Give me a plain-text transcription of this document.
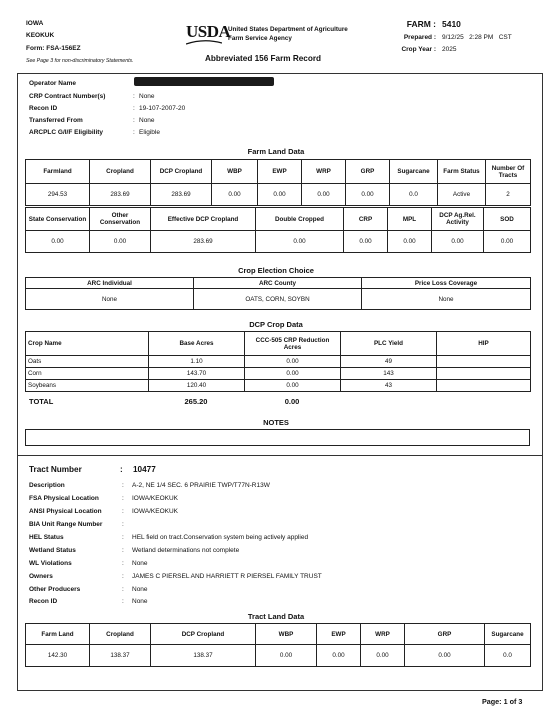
IOWA
KEOKUK
Form: FSA-156EZ
See Page 3 for non-discriminatory Statements.
USDA
United States Department of Agriculture
Farm Service Agency
Abbreviated 156 Farm Record
FARM : 5410
Prepared : 9/12/25   2:28 PM   CST
Crop Year : 2025
Operator Name
CRP Contract Number(s)	: None
Recon ID	: 19-107-2007-20
Transferred From	: None
ARCPLC G/I/F Eligibility	: Eligible
Farm Land Data
Farmland	Cropland	DCP Cropland	WBP	EWP	WRP	GRP	Sugarcane	Farm Status	Number Of Tracts
294.53	283.69	283.69	0.00	0.00	0.00	0.00	0.0	Active	2
State Conservation	Other Conservation	Effective DCP Cropland	Double Cropped	CRP	MPL	DCP Ag.Rel. Activity	SOD
0.00	0.00	283.69	0.00	0.00	0.00	0.00	0.00
Crop Election Choice
ARC Individual	ARC County	Price Loss Coverage
None	OATS, CORN, SOYBN	None
DCP Crop Data
Crop Name	Base Acres	CCC-505 CRP Reduction Acres	PLC Yield	HIP
Oats	1.10	0.00	49	
Corn	143.70	0.00	143	
Soybeans	120.40	0.00	43	
TOTAL	265.20	0.00
NOTES
Tract Number	: 10477
Description	: A-2, NE 1/4 SEC. 6 PRAIRIE TWP/T77N-R13W
FSA Physical Location	: IOWA/KEOKUK
ANSI Physical Location	: IOWA/KEOKUK
BIA Unit Range Number	:
HEL Status	: HEL field on tract.Conservation system being actively applied
Wetland Status	: Wetland determinations not complete
WL Violations	: None
Owners	: JAMES C PIERSEL AND HARRIETT R PIERSEL FAMILY TRUST
Other Producers	: None
Recon ID	: None
Tract Land Data
Farm Land	Cropland	DCP Cropland	WBP	EWP	WRP	GRP	Sugarcane
142.30	138.37	138.37	0.00	0.00	0.00	0.00	0.0
Page: 1 of 3
